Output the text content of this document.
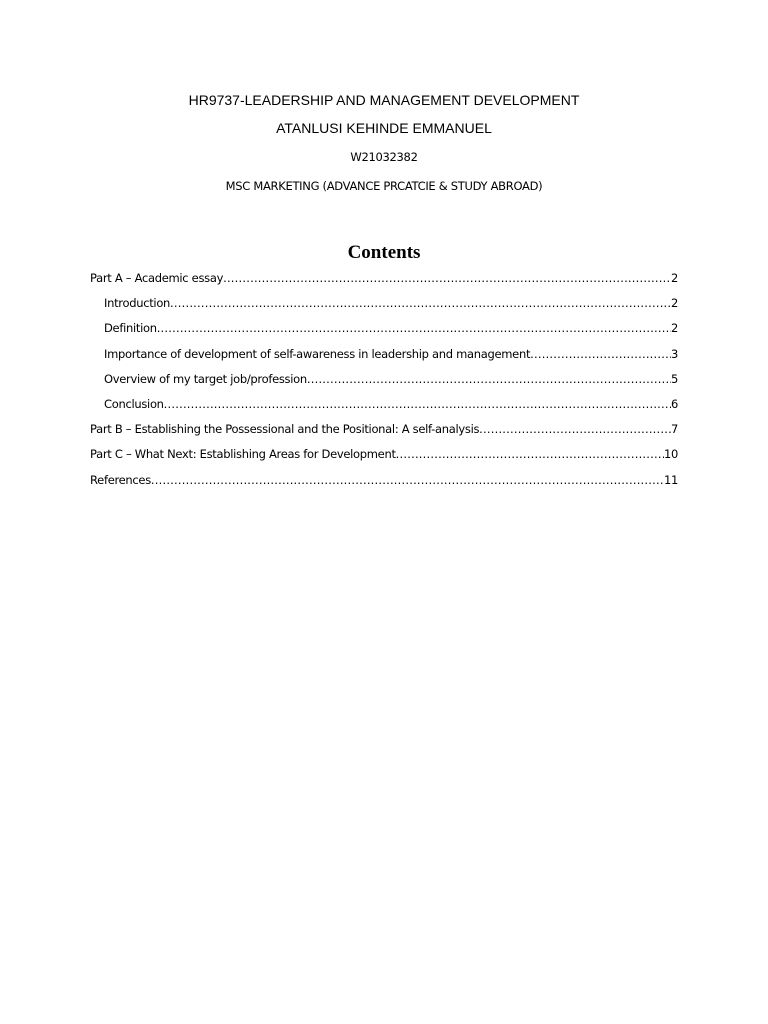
HR9737-LEADERSHIP AND MANAGEMENT DEVELOPMENT
ATANLUSI KEHINDE EMMANUEL
W21032382
MSC MARKETING (ADVANCE PRCATCIE & STUDY ABROAD)
Contents
Part A – Academic essay .....	2
Introduction .....	2
Definition .....	2
Importance of development of self-awareness in leadership and management .....	3
Overview of my target job/profession .....	5
Conclusion .....	6
Part B – Establishing the Possessional and the Positional: A self-analysis .....	7
Part C – What Next: Establishing Areas for Development .....	10
References .....	11
